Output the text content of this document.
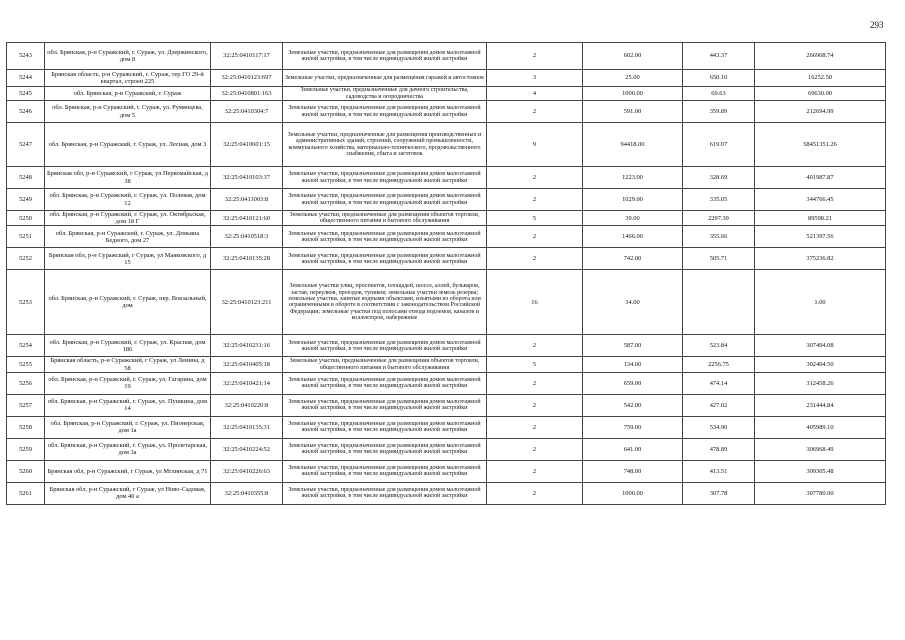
293
5243	обл. Брянская, р-н Суражский, г. Сураж, ул. Дзержинского, дом 8	32:25:0410117:17	Земельные участки, предназначенные для размещения домов малоэтажной жилой застройки, в том числе индивидуальной жилой застройки	2	602.00	443.37	266908.74
5244	Брянская область, р-н Суражский, г. Сураж, тер ГО 29-й квартал, строен 225	32:25:0410123:697	Земельные участки, предназначенные для размещения гаражей и автостоянок	3	25.00	650.10	16252.50
5245	обл. Брянская, р-н Суражский, г. Сураж	32:25:0410801:163	Земельные участки, предназначенные для дачного строительства, садоводства и огородничества	4	1000.00	69.63	69630.00
5246	обл. Брянская, р-н Суражский, г. Сураж, ул. Румянцева, дом 5	32:25:0410304:7	Земельные участки, предназначенные для размещения домов малоэтажной жилой застройки, в том числе индивидуальной жилой застройки	2	591.00	359.89	212694.99
5247	обл. Брянская, р-н Суражский, г. Сураж, ул. Лесная, дом 3	32:25:0410601:15	Земельные участки, предназначенные для размещения производственных и административных зданий, строений, сооружений промышленности, коммунального хозяйства, материально-технического, продовольственного снабжения, сбыта и заготовок	9	94418.00	619.07	58451351.26
5248	Брянская обл, р-н Суражский, г Сураж, ул Первомайская, д 38	32:25:0410103:37	Земельные участки, предназначенные для размещения домов малоэтажной жилой застройки, в том числе индивидуальной жилой застройки	2	1223.00	328.69	401987.87
5249	обл. Брянская, р-н Суражский, г. Сураж, ул. Полевая, дом 12	32:25:0411003:8	Земельные участки, предназначенные для размещения домов малоэтажной жилой застройки, в том числе индивидуальной жилой застройки	2	1029.00	335.05	344766.45
5250	обл. Брянская, р-н Суражский, г. Сураж, ул. Октябрьская, дом 18 Г	32:25:0410121:60	Земельные участки, предназначенные для размещения объектов торговли, общественного питания и бытового обслуживания	5	39.00	2297.39	89598.21
5251	обл. Брянская, р-н Суражский, г. Сураж, ул. Демьяна Бедного, дом 27	32:25:0410518:3	Земельные участки, предназначенные для размещения домов малоэтажной жилой застройки, в том числе индивидуальной жилой застройки	2	1466.00	355.66	521397.56
5252	Брянская обл, р-н Суражский, г Сураж, ул Маяковского, д 15	32:25:0410135:28	Земельные участки, предназначенные для размещения домов малоэтажной жилой застройки, в том числе индивидуальной жилой застройки	2	742.00	505.71	375236.82
5253	обл. Брянская, р-н Суражский, г. Сураж, пер. Вокзальный, дом	32:25:0410123:211	Земельные участки улиц, проспектов, площадей, шоссе, аллей, бульваров, застав, переулков, проездов, тупиков; земельные участки земель резерва; земельные участки, занятые водными объектами, изъятыми из оборота или ограниченными в обороте в соответствии с законодательством Российской Федерации; земельные участки под полосами отвода водоемов, каналов и коллекторов, набережные	16	34.00		1.00
5254	обл. Брянская, р-н Суражский, г. Сураж, ул. Красная, дом 186	32:25:0410231:16	Земельные участки, предназначенные для размещения домов малоэтажной жилой застройки, в том числе индивидуальной жилой застройки	2	587.00	523.84	307494.08
5255	Брянская область, р-н Суражский, г Сураж, ул Ленина, д 58	32:25:0410405:18	Земельные участки, предназначенные для размещения объектов торговли, общественного питания и бытового обслуживания	5	134.00	2256.75	302404.50
5256	обл. Брянская, р-н Суражский, г. Сураж, ул. Гагарина, дом 19	32:25:0410421:14	Земельные участки, предназначенные для размещения домов малоэтажной жилой застройки, в том числе индивидуальной жилой застройки	2	659.00	474.14	312458.26
5257	обл. Брянская, р-н Суражский, г. Сураж, ул. Пушкина, дом 14	32:25:0410220:8	Земельные участки, предназначенные для размещения домов малоэтажной жилой застройки, в том числе индивидуальной жилой застройки	2	542.00	427.02	231444.84
5258	обл. Брянская, р-н Суражский, г. Сураж, ул. Пионерская, дом 1а	32:25:0410135:31	Земельные участки, предназначенные для размещения домов малоэтажной жилой застройки, в том числе индивидуальной жилой застройки	2	759.00	534.90	405989.10
5259	обл. Брянская, р-н Суражский, г. Сураж, ул. Пролетарская, дом 3а	32:25:0410224:52	Земельные участки, предназначенные для размещения домов малоэтажной жилой застройки, в том числе индивидуальной жилой застройки	2	641.00	478.89	306968.49
5260	Брянская обл, р-н Суражский, г Сураж, ул Мглинская, д 71	32:25:0410226:63	Земельные участки, предназначенные для размещения домов малоэтажной жилой застройки, в том числе индивидуальной жилой застройки	2	748.00	413.51	309305.48
5261	Брянская обл, р-н Суражский, г Сураж, ул Ново-Садовая, дом 40 а	32:25:0410355:8	Земельные участки, предназначенные для размещения домов малоэтажной жилой застройки, в том числе индивидуальной жилой застройки	2	1000.00	307.78	307780.00
